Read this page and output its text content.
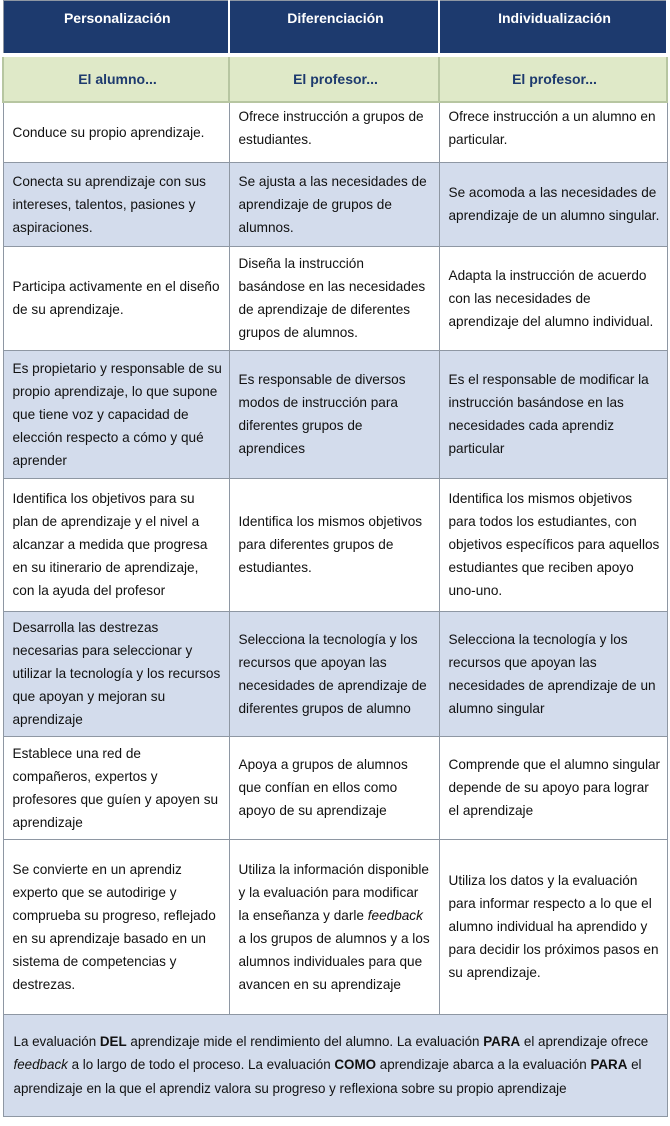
Personalización	Diferenciación	Individualización
El alumno...	El profesor...	El profesor...
Conduce su propio aprendizaje.	Ofrece instrucción a grupos de estudiantes.	Ofrece instrucción a un alumno en particular.
Conecta su aprendizaje con sus intereses, talentos, pasiones y aspiraciones.	Se ajusta a las necesidades de aprendizaje de grupos de alumnos.	Se acomoda a las necesidades de aprendizaje de un alumno singular.
Participa activamente en el diseño de su aprendizaje.	Diseña la instrucción basándose en las necesidades de aprendizaje de diferentes grupos de alumnos.	Adapta la instrucción de acuerdo con las necesidades de aprendizaje del alumno individual.
Es propietario y responsable de su propio aprendizaje, lo que supone que tiene voz y capacidad de elección respecto a cómo y qué aprender	Es responsable de diversos modos de instrucción para diferentes grupos de aprendices	Es el responsable de modificar la instrucción basándose en las necesidades cada aprendiz particular
Identifica los objetivos para su plan de aprendizaje y el nivel a alcanzar a medida que progresa en su itinerario de aprendizaje, con la ayuda del profesor	Identifica los mismos objetivos para diferentes grupos de estudiantes.	Identifica los mismos objetivos para todos los estudiantes, con objetivos específicos para aquellos estudiantes que reciben apoyo uno-uno.
Desarrolla las destrezas necesarias para seleccionar y utilizar la tecnología y los recursos que apoyan y mejoran su aprendizaje	Selecciona la tecnología y los recursos que apoyan las necesidades de aprendizaje de diferentes grupos de alumno	Selecciona la tecnología y los recursos que apoyan las necesidades de aprendizaje de un alumno singular
Establece una red de compañeros, expertos y profesores que guíen y apoyen su aprendizaje	Apoya a grupos de alumnos que confían en ellos como apoyo de su aprendizaje	Comprende que el alumno singular depende de su apoyo para lograr el aprendizaje
Se convierte en un aprendiz experto que se autodirige y comprueba su progreso, reflejado en su aprendizaje basado en un sistema de competencias y destrezas.	Utiliza la información disponible y la evaluación para modificar la enseñanza y darle feedback a los grupos de alumnos y a los alumnos individuales para que avancen en su aprendizaje	Utiliza los datos y la evaluación para informar respecto a lo que el alumno individual ha aprendido y para decidir los próximos pasos en su aprendizaje.
La evaluación DEL aprendizaje mide el rendimiento del alumno. La evaluación PARA el aprendizaje ofrece feedback a lo largo de todo el proceso. La evaluación COMO aprendizaje abarca a la evaluación PARA el aprendizaje en la que el aprendiz valora su progreso y reflexiona sobre su propio aprendizaje		
